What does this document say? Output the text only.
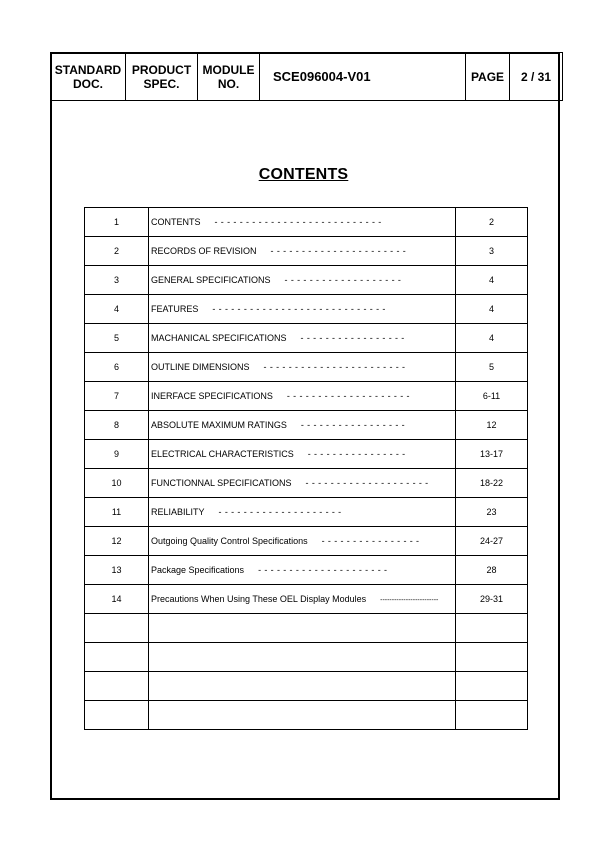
STANDARD
DOC.

PRODUCT
SPEC.

MODULE
NO.	SCE096004-V01	PAGE	2 / 31
CONTENTS
1	CONTENTS - - - - - - - - - - - - - - - - - - - - - - - - - - -	2
2	RECORDS OF REVISION - - - - - - - - - - - - - - - - - - - - - -	3
3	GENERAL SPECIFICATIONS - - - - - - - - - - - - - - - - - - -	4
4	FEATURES - - - - - - - - - - - - - - - - - - - - - - - - - - - -	4
5	MACHANICAL SPECIFICATIONS - - - - - - - - - - - - - - - - -	4
6	OUTLINE DIMENSIONS - - - - - - - - - - - - - - - - - - - - - - -	5
7	INERFACE SPECIFICATIONS - - - - - - - - - - - - - - - - - - - -	6-11
8	ABSOLUTE MAXIMUM RATINGS - - - - - - - - - - - - - - - - -	12
9	ELECTRICAL CHARACTERISTICS - - - - - - - - - - - - - - - -	13-17
10	FUNCTIONNAL SPECIFICATIONS - - - - - - - - - - - - - - - - - - - -	18-22
11	RELIABILITY - - - - - - - - - - - - - - - - - - - -	23
12	Outgoing Quality Control Specifications - - - - - - - - - - - - - - - -	24-27
13	Package Specifications - - - - - - - - - - - - - - - - - - - - -	28
14	Precautions When Using These OEL Display Modules -------------------------	29-31
